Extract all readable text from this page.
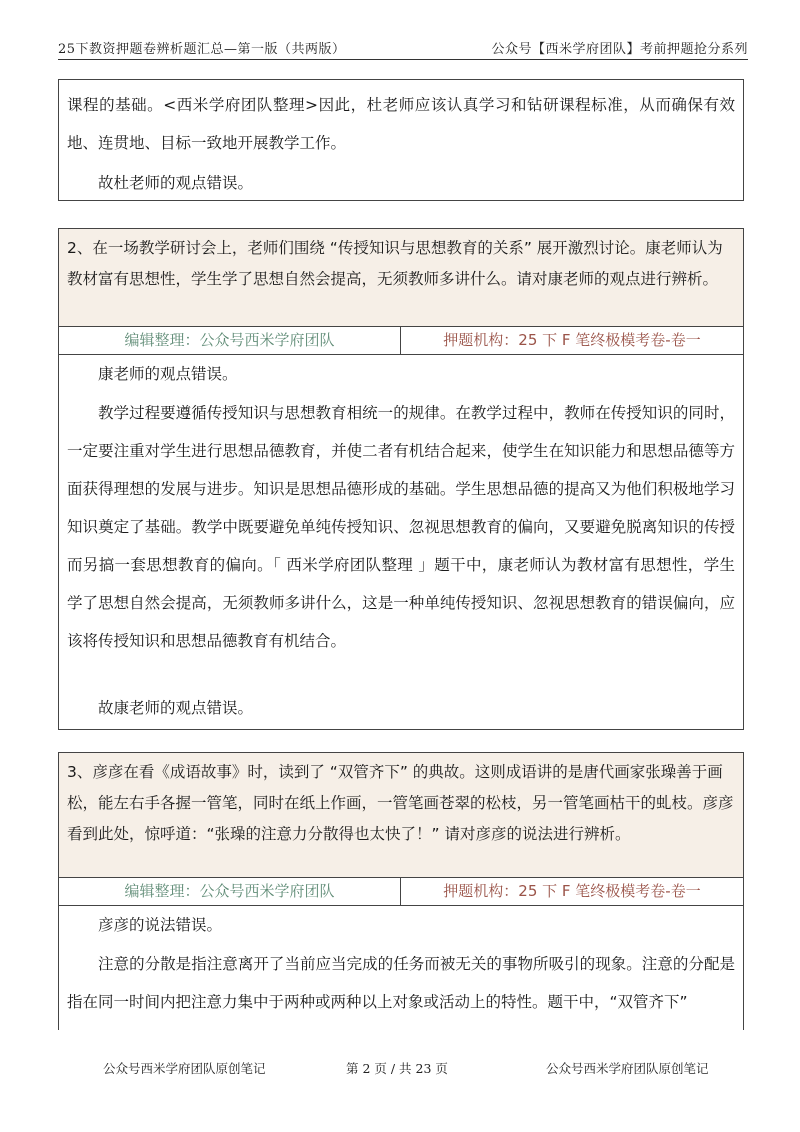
25下教资押题卷辨析题汇总—第一版（共两版）	公众号【西米学府团队】考前押题抢分系列

课程的基础。<西米学府团队整理>因此，杜老师应该认真学习和钻研课程标准，从而确保有效地、连贯地、目标一致地开展教学工作。

故杜老师的观点错误。

2、在一场教学研讨会上，老师们围绕 “传授知识与思想教育的关系” 展开激烈讨论。康老师认为教材富有思想性，学生学了思想自然会提高，无须教师多讲什么。请对康老师的观点进行辨析。
编辑整理：公众号西米学府团队	押题机构：25 下 F 笔终极模考卷-卷一

康老师的观点错误。

教学过程要遵循传授知识与思想教育相统一的规律。在教学过程中，教师在传授知识的同时，一定要注重对学生进行思想品德教育，并使二者有机结合起来，使学生在知识能力和思想品德等方面获得理想的发展与进步。知识是思想品德形成的基础。学生思想品德的提高又为他们积极地学习知识奠定了基础。教学中既要避免单纯传授知识、忽视思想教育的偏向，又要避免脱离知识的传授而另搞一套思想教育的偏向。「 西米学府团队整理 」题干中，康老师认为教材富有思想性，学生学了思想自然会提高，无须教师多讲什么，这是一种单纯传授知识、忽视思想教育的错误偏向，应该将传授知识和思想品德教育有机结合。

故康老师的观点错误。

3、彦彦在看《成语故事》时，读到了 “双管齐下” 的典故。这则成语讲的是唐代画家张璪善于画松，能左右手各握一管笔，同时在纸上作画，一管笔画苍翠的松枝，另一管笔画枯干的虬枝。彦彦看到此处，惊呼道：“张璪的注意力分散得也太快了！” 请对彦彦的说法进行辨析。
编辑整理：公众号西米学府团队	押题机构：25 下 F 笔终极模考卷-卷一

彦彦的说法错误。

注意的分散是指注意离开了当前应当完成的任务而被无关的事物所吸引的现象。注意的分配是指在同一时间内把注意力集中于两种或两种以上对象或活动上的特性。题干中，“双管齐下”

公众号西米学府团队原创笔记	第 2 页 / 共 23 页	公众号西米学府团队原创笔记
